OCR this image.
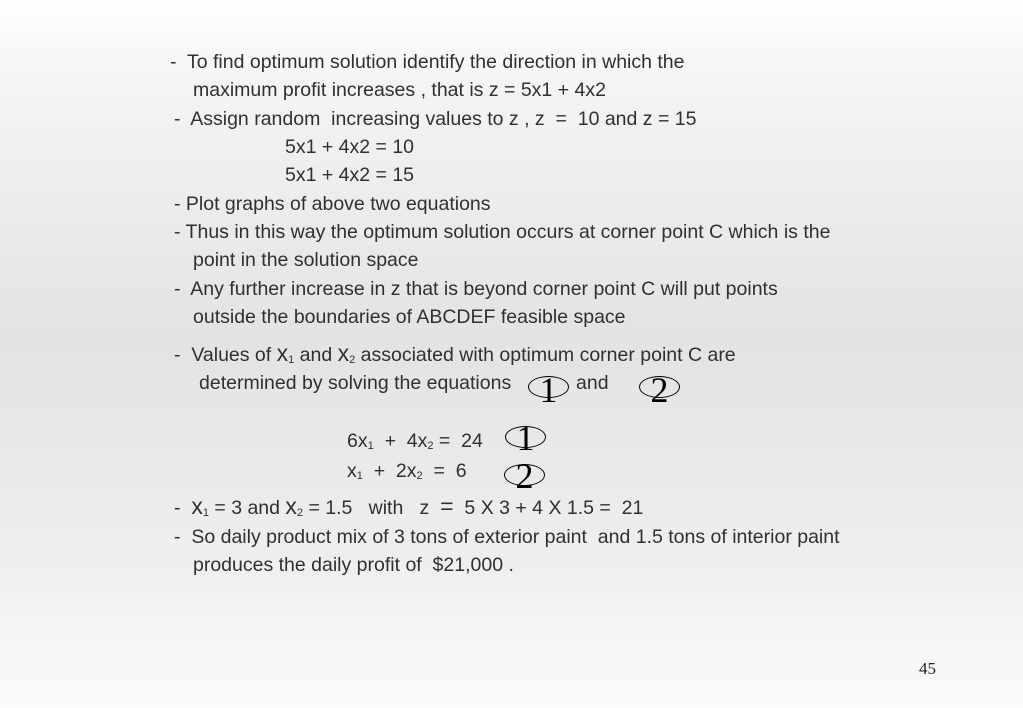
-  To find optimum solution identify the direction in which the

maximum profit increases , that is z = 5x1 + 4x2

-  Assign random  increasing values to z , z  =  10 and z = 15

5x1 + 4x2 = 10

5x1 + 4x2 = 15

- Plot graphs of above two equations

- Thus in this way the optimum solution occurs at corner point C which is the

point in the solution space

-  Any further increase in z that is beyond corner point C will put points

outside the boundaries of ABCDEF feasible space

-  Values of x1 and x2 associated with optimum corner point C are

determined by solving the equations 1 and	2

6x1  +  4x2 =  24 1

x1  +  2x2  =  6	2

-  x1 = 3 and x2 = 1.5   with   z  =  5 X 3 + 4 X 1.5 =  21

-  So daily product mix of 3 tons of exterior paint  and 1.5 tons of interior paint

produces the daily profit of  $21,000 .

45
